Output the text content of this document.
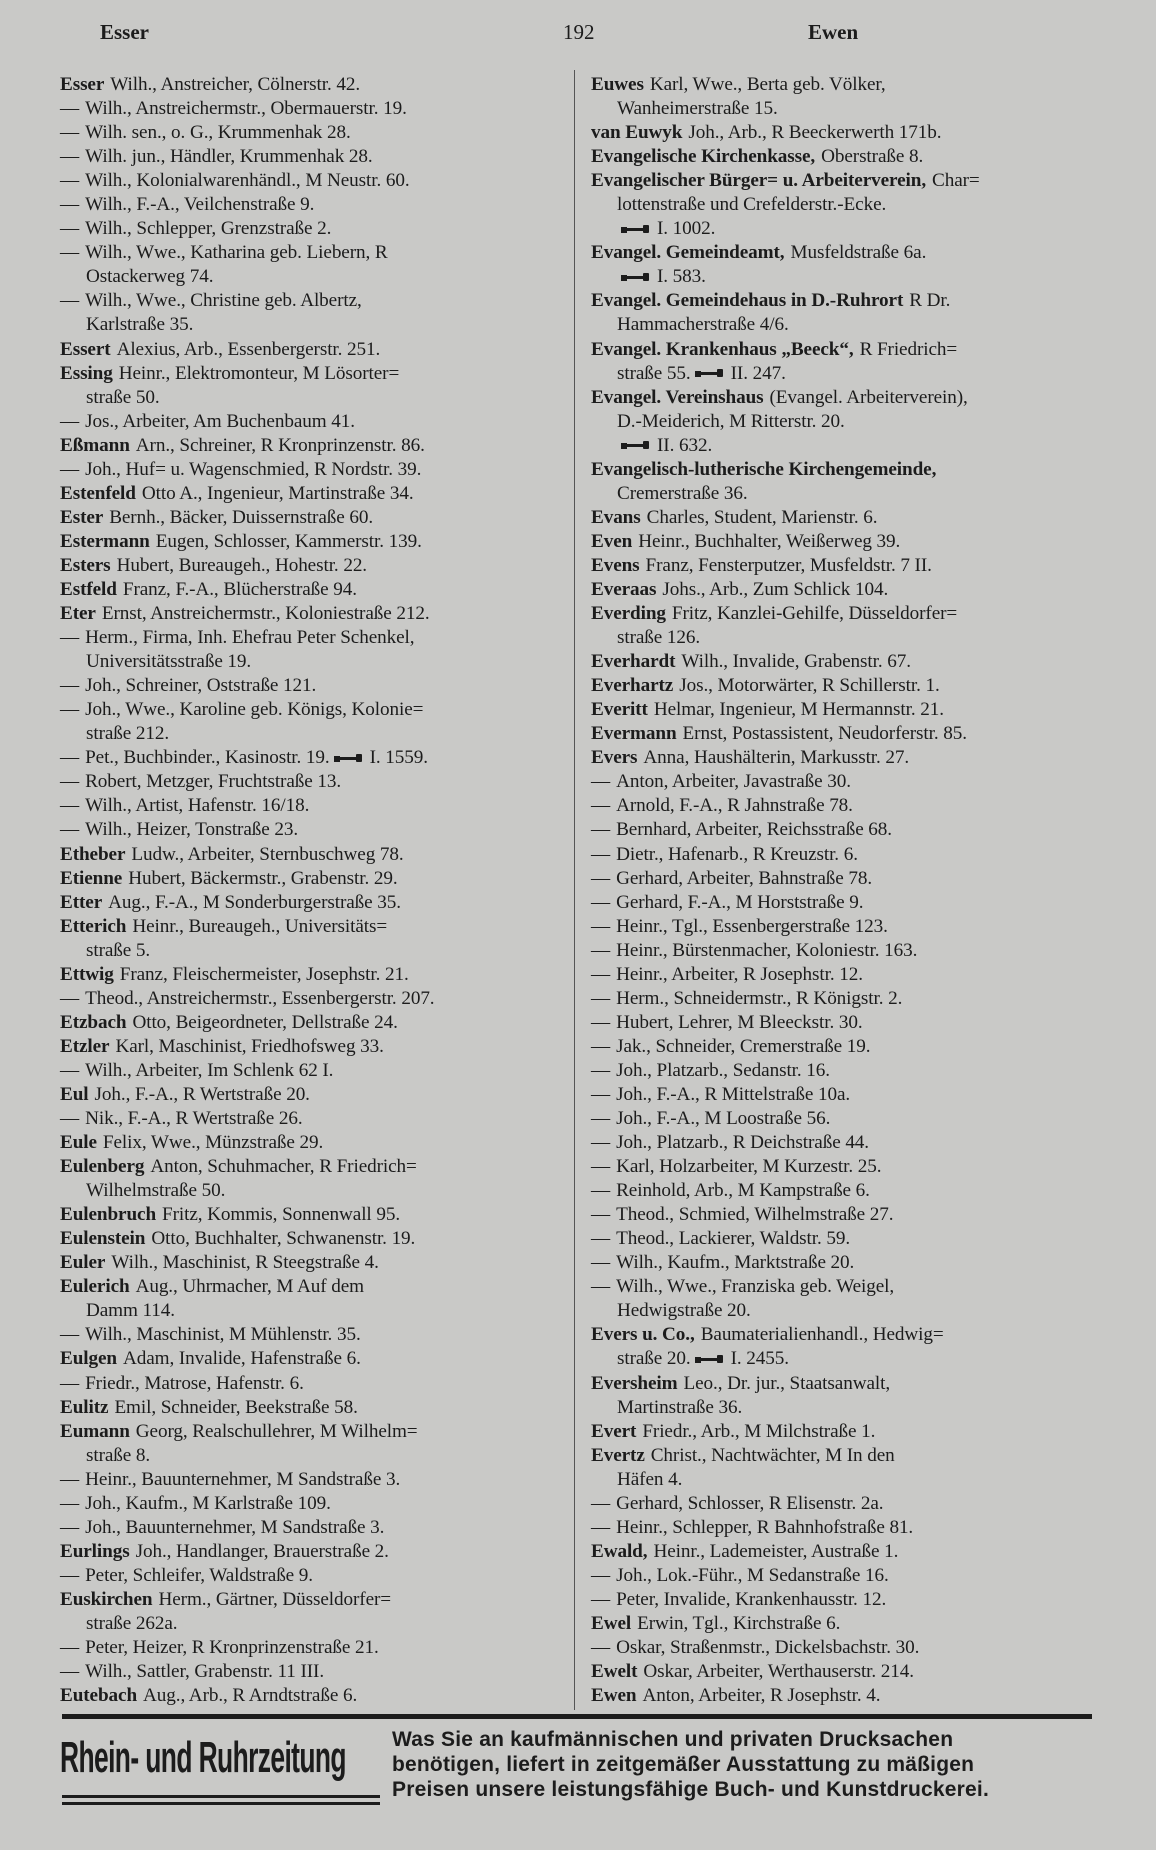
Esser	192	Ewen
Esser Wilh., Anstreicher, Cölnerstr. 42.
— Wilh., Anstreichermstr., Obermauerstr. 19.
— Wilh. sen., o. G., Krummenhak 28.
— Wilh. jun., Händler, Krummenhak 28.
— Wilh., Kolonialwarenhändl., M Neustr. 60.
— Wilh., F.-A., Veilchenstraße 9.
— Wilh., Schlepper, Grenzstraße 2.
— Wilh., Wwe., Katharina geb. Liebern, R
Ostackerweg 74.
— Wilh., Wwe., Christine geb. Albertz,
Karlstraße 35.
Essert Alexius, Arb., Essenbergerstr. 251.
Essing Heinr., Elektromonteur, M Lösorter=
straße 50.
— Jos., Arbeiter, Am Buchenbaum 41.
Eßmann Arn., Schreiner, R Kronprinzenstr. 86.
— Joh., Huf= u. Wagenschmied, R Nordstr. 39.
Estenfeld Otto A., Ingenieur, Martinstraße 34.
Ester Bernh., Bäcker, Duissernstraße 60.
Estermann Eugen, Schlosser, Kammerstr. 139.
Esters Hubert, Bureaugeh., Hohestr. 22.
Estfeld Franz, F.-A., Blücherstraße 94.
Eter Ernst, Anstreichermstr., Koloniestraße 212.
— Herm., Firma, Inh. Ehefrau Peter Schenkel,
Universitätsstraße 19.
— Joh., Schreiner, Oststraße 121.
— Joh., Wwe., Karoline geb. Königs, Kolonie=
straße 212.
— Pet., Buchbinder., Kasinostr. 19. I. 1559.
— Robert, Metzger, Fruchtstraße 13.
— Wilh., Artist, Hafenstr. 16/18.
— Wilh., Heizer, Tonstraße 23.
Etheber Ludw., Arbeiter, Sternbuschweg 78.
Etienne Hubert, Bäckermstr., Grabenstr. 29.
Etter Aug., F.-A., M Sonderburgerstraße 35.
Etterich Heinr., Bureaugeh., Universitäts=
straße 5.
Ettwig Franz, Fleischermeister, Josephstr. 21.
— Theod., Anstreichermstr., Essenbergerstr. 207.
Etzbach Otto, Beigeordneter, Dellstraße 24.
Etzler Karl, Maschinist, Friedhofsweg 33.
— Wilh., Arbeiter, Im Schlenk 62 I.
Eul Joh., F.-A., R Wertstraße 20.
— Nik., F.-A., R Wertstraße 26.
Eule Felix, Wwe., Münzstraße 29.
Eulenberg Anton, Schuhmacher, R Friedrich=
Wilhelmstraße 50.
Eulenbruch Fritz, Kommis, Sonnenwall 95.
Eulenstein Otto, Buchhalter, Schwanenstr. 19.
Euler Wilh., Maschinist, R Steegstraße 4.
Eulerich Aug., Uhrmacher, M Auf dem
Damm 114.
— Wilh., Maschinist, M Mühlenstr. 35.
Eulgen Adam, Invalide, Hafenstraße 6.
— Friedr., Matrose, Hafenstr. 6.
Eulitz Emil, Schneider, Beekstraße 58.
Eumann Georg, Realschullehrer, M Wilhelm=
straße 8.
— Heinr., Bauunternehmer, M Sandstraße 3.
— Joh., Kaufm., M Karlstraße 109.
— Joh., Bauunternehmer, M Sandstraße 3.
Eurlings Joh., Handlanger, Brauerstraße 2.
— Peter, Schleifer, Waldstraße 9.
Euskirchen Herm., Gärtner, Düsseldorfer=
straße 262a.
— Peter, Heizer, R Kronprinzenstraße 21.
— Wilh., Sattler, Grabenstr. 11 III.
Eutebach Aug., Arb., R Arndtstraße 6.
Euwes Karl, Wwe., Berta geb. Völker,
Wanheimerstraße 15.
van Euwyk Joh., Arb., R Beeckerwerth 171b.
Evangelische Kirchenkasse, Oberstraße 8.
Evangelischer Bürger= u. Arbeiterverein, Char=
lottenstraße und Crefelderstr.-Ecke.
I. 1002.
Evangel. Gemeindeamt, Musfeldstraße 6a.
I. 583.
Evangel. Gemeindehaus in D.-Ruhrort R Dr.
Hammacherstraße 4/6.
Evangel. Krankenhaus „Beeck“, R Friedrich=
straße 55. II. 247.
Evangel. Vereinshaus (Evangel. Arbeiterverein),
D.-Meiderich, M Ritterstr. 20.
II. 632.
Evangelisch-lutherische Kirchengemeinde,
Cremerstraße 36.
Evans Charles, Student, Marienstr. 6.
Even Heinr., Buchhalter, Weißerweg 39.
Evens Franz, Fensterputzer, Musfeldstr. 7 II.
Everaas Johs., Arb., Zum Schlick 104.
Everding Fritz, Kanzlei-Gehilfe, Düsseldorfer=
straße 126.
Everhardt Wilh., Invalide, Grabenstr. 67.
Everhartz Jos., Motorwärter, R Schillerstr. 1.
Everitt Helmar, Ingenieur, M Hermannstr. 21.
Evermann Ernst, Postassistent, Neudorferstr. 85.
Evers Anna, Haushälterin, Markusstr. 27.
— Anton, Arbeiter, Javastraße 30.
— Arnold, F.-A., R Jahnstraße 78.
— Bernhard, Arbeiter, Reichsstraße 68.
— Dietr., Hafenarb., R Kreuzstr. 6.
— Gerhard, Arbeiter, Bahnstraße 78.
— Gerhard, F.-A., M Horststraße 9.
— Heinr., Tgl., Essenbergerstraße 123.
— Heinr., Bürstenmacher, Koloniestr. 163.
— Heinr., Arbeiter, R Josephstr. 12.
— Herm., Schneidermstr., R Königstr. 2.
— Hubert, Lehrer, M Bleeckstr. 30.
— Jak., Schneider, Cremerstraße 19.
— Joh., Platzarb., Sedanstr. 16.
— Joh., F.-A., R Mittelstraße 10a.
— Joh., F.-A., M Loostraße 56.
— Joh., Platzarb., R Deichstraße 44.
— Karl, Holzarbeiter, M Kurzestr. 25.
— Reinhold, Arb., M Kampstraße 6.
— Theod., Schmied, Wilhelmstraße 27.
— Theod., Lackierer, Waldstr. 59.
— Wilh., Kaufm., Marktstraße 20.
— Wilh., Wwe., Franziska geb. Weigel,
Hedwigstraße 20.
Evers u. Co., Baumaterialienhandl., Hedwig=
straße 20. I. 2455.
Eversheim Leo., Dr. jur., Staatsanwalt,
Martinstraße 36.
Evert Friedr., Arb., M Milchstraße 1.
Evertz Christ., Nachtwächter, M In den
Häfen 4.
— Gerhard, Schlosser, R Elisenstr. 2a.
— Heinr., Schlepper, R Bahnhofstraße 81.
Ewald, Heinr., Lademeister, Austraße 1.
— Joh., Lok.-Führ., M Sedanstraße 16.
— Peter, Invalide, Krankenhausstr. 12.
Ewel Erwin, Tgl., Kirchstraße 6.
— Oskar, Straßenmstr., Dickelsbachstr. 30.
Ewelt Oskar, Arbeiter, Werthauserstr. 214.
Ewen Anton, Arbeiter, R Josephstr. 4.
Rhein- und Ruhrzeitung Was Sie an kaufmännischen und privaten Drucksachen
benötigen, liefert in zeitgemäßer Ausstattung zu mäßigen
Preisen unsere leistungsfähige Buch- und Kunstdruckerei.
